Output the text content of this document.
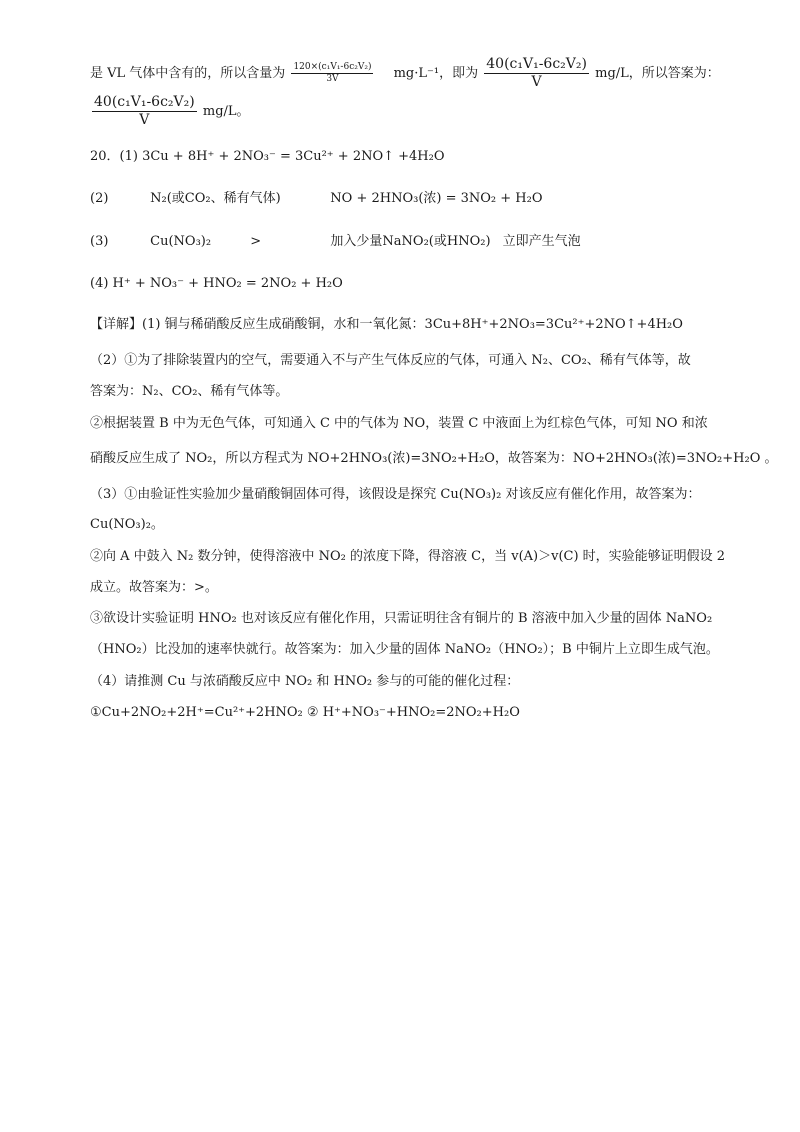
是 VL 气体中含有的，所以含量为 $\frac{\text{120×(c₁V₁-6c₂V₂)}}{3V} mg\cdot L^{-1}$，即为 $\frac{\text{40(c₁V₁-6c₂V₂)}}{V} mg/L$，所以答案为：
$\frac{\text{40(c₁V₁-6c₂V₂)}}{V} mg/L$。
20．(1) 3Cu + 8H⁺ + 2NO₃⁻ = 3Cu²⁺ + 2NO↑ +4H₂O
(2)	N₂(或CO₂、稀有气体)	NO + 2HNO₃(浓) = 3NO₂ + H₂O
(3)	Cu(NO₃)₂	>	加入少量NaNO₂(或HNO₂) 立即产生气泡
(4) H⁺ + NO₃⁻ + HNO₂ = 2NO₂ + H₂O
【详解】(1) 铜与稀硝酸反应生成硝酸铜，水和一氧化氮：3Cu+8H⁺+2NO₃=3Cu²⁺+2NO↑+4H₂O
（2）①为了排除装置内的空气，需要通入不与产生气体反应的气体，可通入 N₂、CO₂、稀有气体等，故
答案为：N₂、CO₂、稀有气体等。
②根据装置 B 中为无色气体，可知通入 C 中的气体为 NO，装置 C 中液面上为红棕色气体，可知 NO 和浓
硝酸反应生成了 NO₂，所以方程式为 NO+2HNO₃(浓)=3NO₂+H₂O，故答案为：NO+2HNO₃(浓)=3NO₂+H₂O 。
（3）①由验证性实验加少量硝酸铜固体可得，该假设是探究 Cu(NO₃)₂ 对该反应有催化作用，故答案为：
Cu(NO₃)₂。
②向 A 中鼓入 N₂ 数分钟，使得溶液中 NO₂ 的浓度下降，得溶液 C，当 v(A)＞v(C) 时，实验能够证明假设 2
成立。故答案为：>。
③欲设计实验证明 HNO₂ 也对该反应有催化作用，只需证明往含有铜片的 B 溶液中加入少量的固体 NaNO₂
（HNO₂）比没加的速率快就行。故答案为：加入少量的固体 NaNO₂（HNO₂）；B 中铜片上立即生成气泡。
（4）请推测 Cu 与浓硝酸反应中 NO₂ 和 HNO₂ 参与的可能的催化过程：
①Cu+2NO₂+2H⁺=Cu²⁺+2HNO₂ ② H⁺+NO₃⁻+HNO₂=2NO₂+H₂O
